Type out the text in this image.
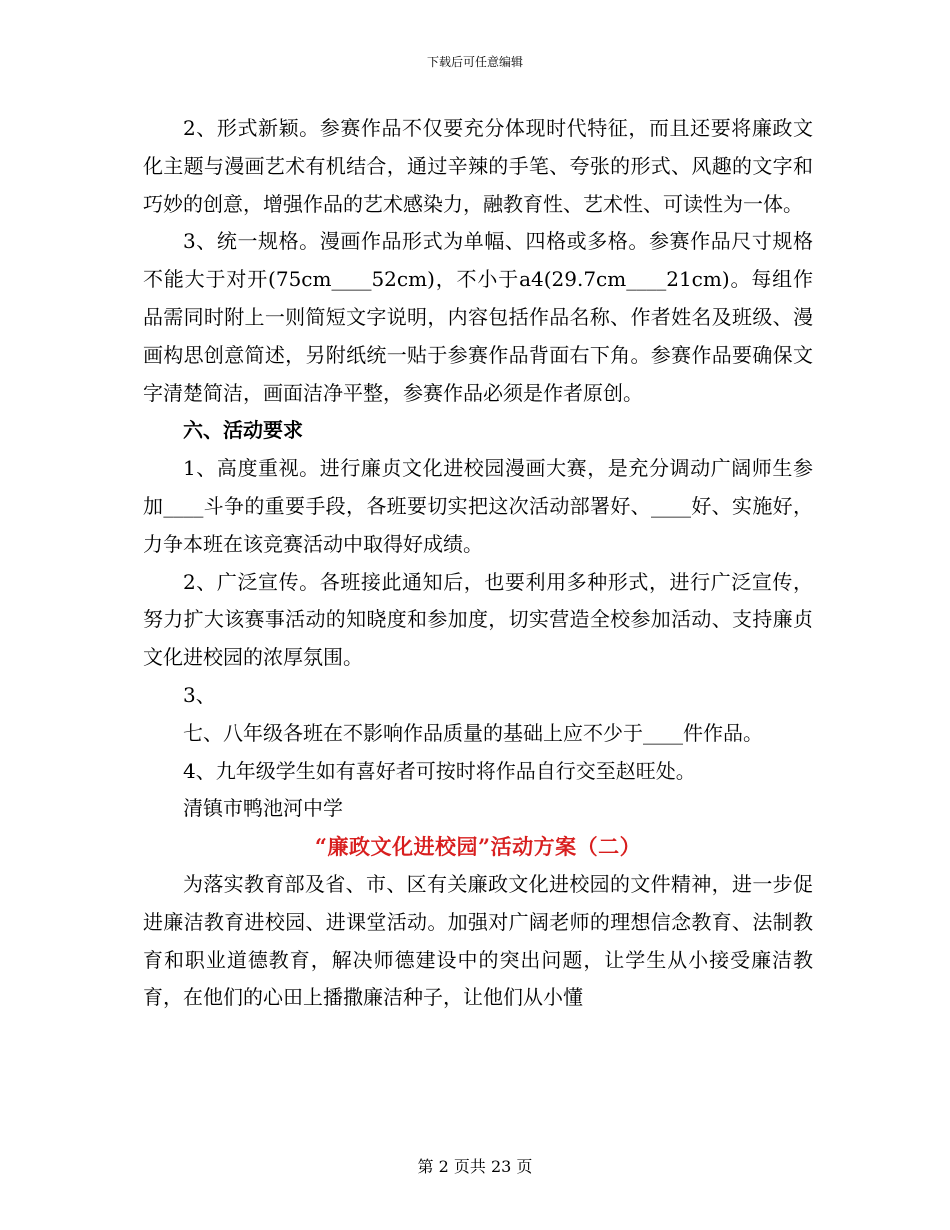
下载后可任意编辑

2、形式新颖。参赛作品不仅要充分体现时代特征，而且还要将廉政文化主题与漫画艺术有机结合，通过辛辣的手笔、夸张的形式、风趣的文字和巧妙的创意，增强作品的艺术感染力，融教育性、艺术性、可读性为一体。

3、统一规格。漫画作品形式为单幅、四格或多格。参赛作品尺寸规格不能大于对开(75cm____52cm)，不小于a4(29.7cm____21cm)。每组作品需同时附上一则简短文字说明，内容包括作品名称、作者姓名及班级、漫画构思创意简述，另附纸统一贴于参赛作品背面右下角。参赛作品要确保文字清楚简洁，画面洁净平整，参赛作品必须是作者原创。

六、活动要求

1、高度重视。进行廉贞文化进校园漫画大赛，是充分调动广阔师生参加____斗争的重要手段，各班要切实把这次活动部署好、____好、实施好，力争本班在该竞赛活动中取得好成绩。

2、广泛宣传。各班接此通知后，也要利用多种形式，进行广泛宣传，努力扩大该赛事活动的知晓度和参加度，切实营造全校参加活动、支持廉贞文化进校园的浓厚氛围。

3、

七、八年级各班在不影响作品质量的基础上应不少于____件作品。

4、九年级学生如有喜好者可按时将作品自行交至赵旺处。

清镇市鸭池河中学

“廉政文化进校园”活动方案（二）

为落实教育部及省、市、区有关廉政文化进校园的文件精神，进一步促进廉洁教育进校园、进课堂活动。加强对广阔老师的理想信念教育、法制教育和职业道德教育，解决师德建设中的突出问题，让学生从小接受廉洁教育，在他们的心田上播撒廉洁种子，让他们从小懂

第 2 页共 23 页
